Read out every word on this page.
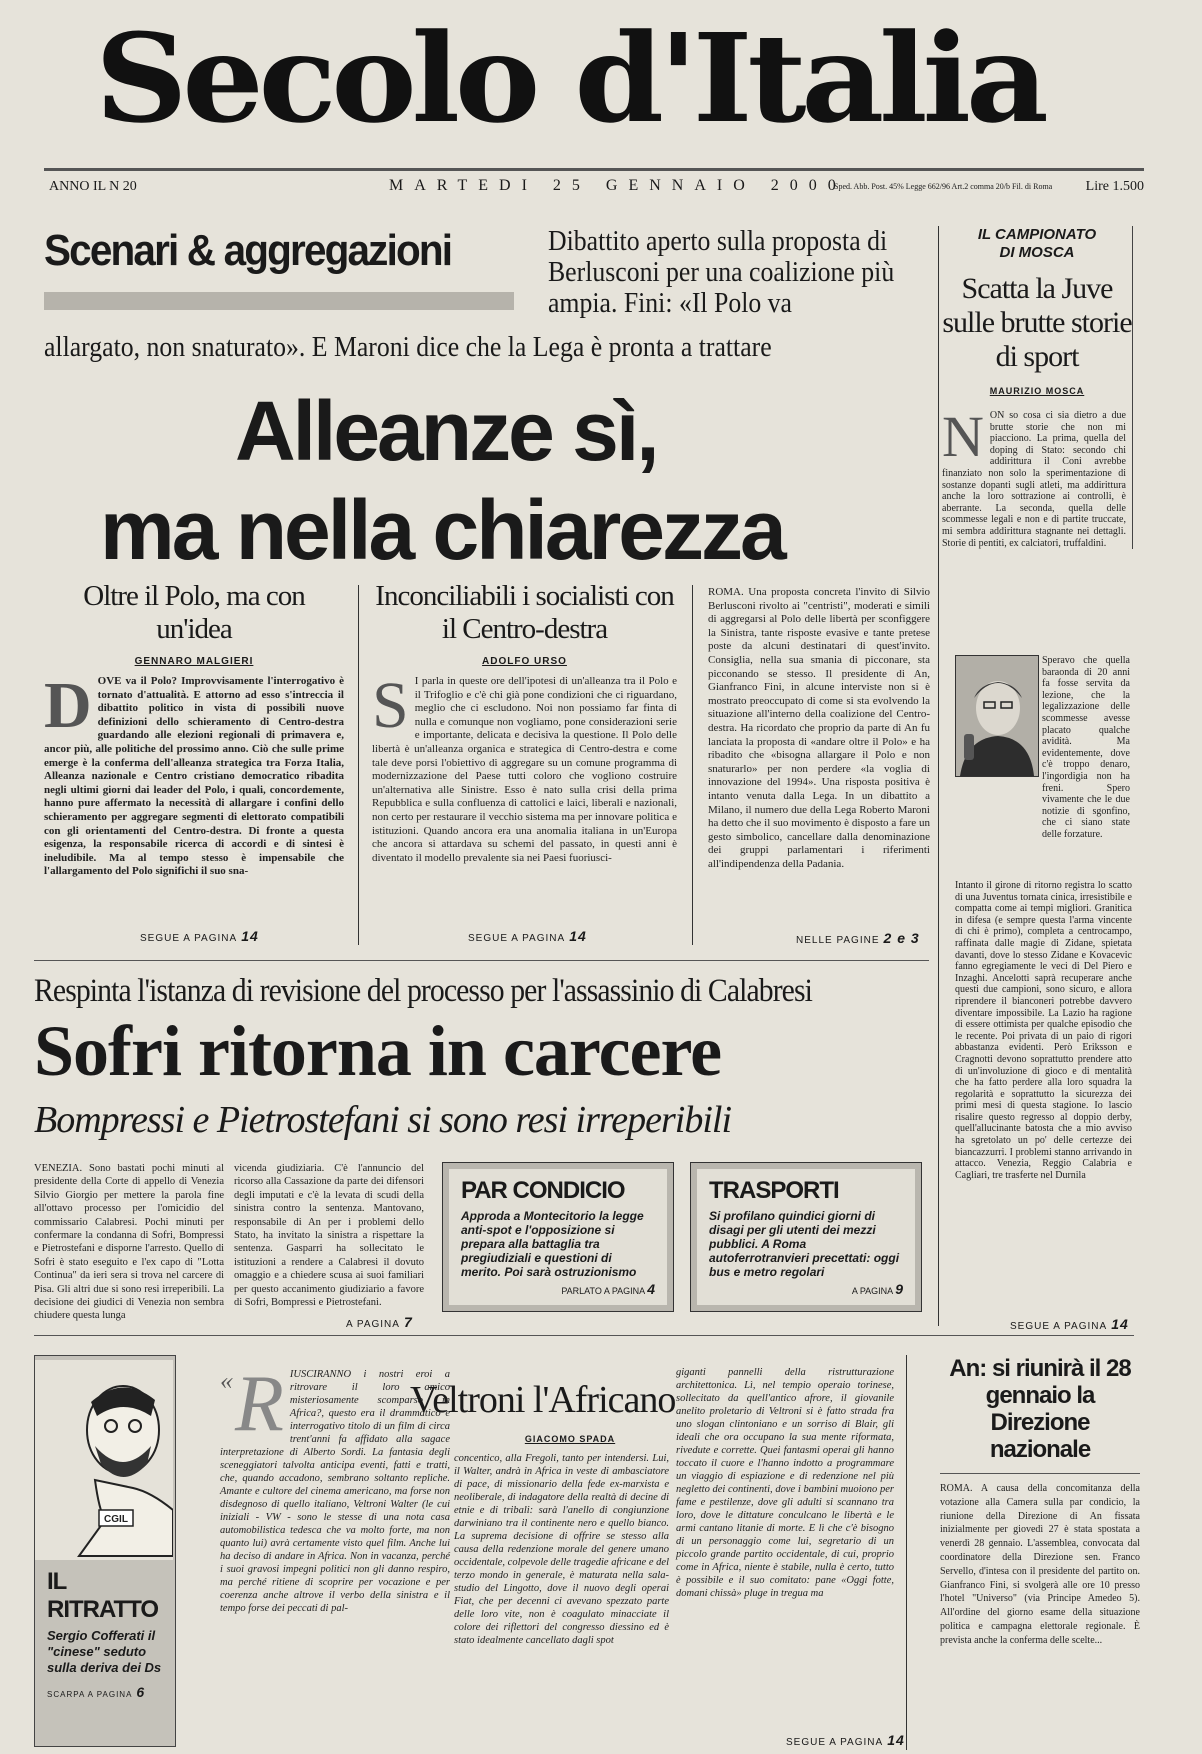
Secolo d'Italia
ANNO IL N 20	MARTEDI 25 GENNAIO 2000
Sped. Abb. Post. 45% Legge 662/96 Art.2 comma 20/b Fil. di Roma Lire 1.500
Scenari & aggregazioni	Dibattito aperto sulla proposta di Berlusconi per una coalizione più ampia. Fini: «Il Polo va
allargato, non snaturato». E Maroni dice che la Lega è pronta a trattare
Alleanze sì,
ma nella chiarezza
Oltre il Polo, ma con un'idea
GENNARO MALGIERI
DOVE va il Polo? Improvvisamente l'interrogativo è tornato d'attualità. E attorno ad esso s'intreccia il dibattito politico in vista di possibili nuove definizioni dello schieramento di Centro-destra guardando alle elezioni regionali di primavera e, ancor più, alle politiche del prossimo anno. Ciò che sulle prime emerge è la conferma dell'alleanza strategica tra Forza Italia, Alleanza nazionale e Centro cristiano democratico ribadita negli ultimi giorni dai leader del Polo, i quali, concordemente, hanno pure affermato la necessità di allargare i confini dello schieramento per aggregare segmenti di elettorato compatibili con gli orientamenti del Centro-destra. Di fronte a questa esigenza, la responsabile ricerca di accordi e di sintesi è ineludibile. Ma al tempo stesso è impensabile che l'allargamento del Polo significhi il suo sna-
SEGUE A PAGINA 14
Inconciliabili i socialisti con il Centro-destra
ADOLFO URSO
S I parla in queste ore dell'ipotesi di un'alleanza tra il Polo e il Trifoglio e c'è chi già pone condizioni che ci riguardano, meglio che ci escludono. Noi non possiamo far finta di nulla e comunque non vogliamo, pone considerazioni serie e importante, delicata e decisiva la questione. Il Polo delle libertà è un'alleanza organica e strategica di Centro-destra e come tale deve porsi l'obiettivo di aggregare su un comune programma di modernizzazione del Paese tutti coloro che vogliono costruire un'alternativa alle Sinistre. Esso è nato sulla crisi della prima Repubblica e sulla confluenza di cattolici e laici, liberali e nazionali, non certo per restaurare il vecchio sistema ma per innovare politica e istituzioni. Quando ancora era una anomalia italiana in un'Europa che ancora si attardava su schemi del passato, in questi anni è diventato il modello prevalente sia nei Paesi fuoriusci-
SEGUE A PAGINA 14
ROMA. Una proposta concreta l'invito di Silvio Berlusconi rivolto ai "centristi", moderati e simili di aggregarsi al Polo delle libertà per sconfiggere la Sinistra, tante risposte evasive e tante pretese poste da alcuni destinatari di quest'invito. Consiglia, nella sua smania di picconare, sta picconando se stesso. Il presidente di An, Gianfranco Fini, in alcune interviste non si è mostrato preoccupato di come si sta evolvendo la situazione all'interno della coalizione del Centro-destra. Ha ricordato che proprio da parte di An fu lanciata la proposta di «andare oltre il Polo» e ha ribadito che «bisogna allargare il Polo e non snaturarlo» per non perdere «la voglia di innovazione del 1994». Una risposta positiva è intanto venuta dalla Lega. In un dibattito a Milano, il numero due della Lega Roberto Maroni ha detto che il suo movimento è disposto a fare un gesto simbolico, cancellare dalla denominazione dei gruppi parlamentari i riferimenti all'indipendenza della Padania.
NELLE PAGINE 2 e 3
IL CAMPIONATO
DI MOSCA
Scatta la Juve sulle brutte storie di sport
MAURIZIO MOSCA
NON so cosa ci sia dietro a due brutte storie che non mi piacciono. La prima, quella del doping di Stato: secondo chi addirittura il Coni avrebbe finanziato non solo la sperimentazione di sostanze dopanti sugli atleti, ma addirittura anche la loro sottrazione ai controlli, è aberrante. La seconda, quella delle scommesse legali e non e di partite truccate, mi sembra addirittura stagnante nei dettagli. Storie di pentiti, ex calciatori, truffaldini.
Speravo che quella baraonda di 20 anni fa fosse servita da lezione, che la legalizzazione delle scommesse avesse placato qualche avidità. Ma evidentemente, dove c'è troppo denaro, l'ingordigia non ha freni. Spero vivamente che le due notizie di sgonfino, che ci siano state delle forzature.
Intanto il girone di ritorno registra lo scatto di una Juventus tornata cinica, irresistibile e compatta come ai tempi migliori. Granitica in difesa (e sempre questa l'arma vincente di chi è primo), completa a centrocampo, raffinata dalle magie di Zidane, spietata davanti, dove lo stesso Zidane e Kovacevic fanno egregiamente le veci di Del Piero e Inzaghi. Ancelotti saprà recuperare anche questi due campioni, sono sicuro, e allora riprendere il bianconeri potrebbe davvero diventare impossibile. La Lazio ha ragione di essere ottimista per qualche episodio che le recente. Poi privata di un paio di rigori abbastanza evidenti. Però Eriksson e Cragnotti devono soprattutto prendere atto di un'involuzione di gioco e di mentalità che ha fatto perdere alla loro squadra la regolarità e soprattutto la sicurezza dei primi mesi di questa stagione. Io lascio risalire questo regresso al doppio derby, quell'allucinante batosta che a mio avviso ha sgretolato un po' delle certezze dei biancazzurri. I problemi stanno arrivando in attacco. Venezia, Reggio Calabria e Cagliari, tre trasferte nel Durnila
SEGUE A PAGINA 14
Respinta l'istanza di revisione del processo per l'assassinio di Calabresi
Sofri ritorna in carcere
Bompressi e Pietrostefani si sono resi irreperibili
VENEZIA. Sono bastati pochi minuti al presidente della Corte di appello di Venezia Silvio Giorgio per mettere la parola fine all'ottavo processo per l'omicidio del commissario Calabresi. Pochi minuti per confermare la condanna di Sofri, Bompressi e Pietrostefani e disporne l'arresto. Quello di Sofri è stato eseguito e l'ex capo di "Lotta Continua" da ieri sera si trova nel carcere di Pisa. Gli altri due si sono resi irreperibili. La decisione dei giudici di Venezia non sembra chiudere questa lunga
vicenda giudiziaria. C'è l'annuncio del ricorso alla Cassazione da parte dei difensori degli imputati e c'è la levata di scudi della sinistra contro la sentenza. Mantovano, responsabile di An per i problemi dello Stato, ha invitato la sinistra a rispettare la sentenza. Gasparri ha sollecitato le istituzioni a rendere a Calabresi il dovuto omaggio e a chiedere scusa ai suoi familiari per questo accanimento giudiziario a favore di Sofri, Bompressi e Pietrostefani.
A PAGINA 7
PAR CONDICIO

Approda a Montecitorio la legge anti-spot e l'opposizione si prepara alla battaglia tra pregiudiziali e questioni di merito. Poi sarà ostruzionismo

PARLATO A PAGINA 4
TRASPORTI

Si profilano quindici giorni di disagi per gli utenti dei mezzi pubblici. A Roma autoferrotranvieri precettati: oggi bus e metro regolari

A PAGINA 9
CGIL
IL RITRATTO
Sergio Cofferati il "cinese" seduto sulla deriva dei Ds
SCARPA A PAGINA 6
« R IUSCIRANNO i nostri eroi a ritrovare il loro amico misteriosamente scomparso in Africa?, questo era il drammatico e interrogativo titolo di un film di circa trent'anni fa affidato alla sagace interpretazione di Alberto Sordi. La fantasia degli sceneggiatori talvolta anticipa eventi, fatti e tratti, che, quando accadono, sembrano soltanto repliche. Amante e cultore del cinema americano, ma forse non disdegnoso di quello italiano, Veltroni Walter (le cui iniziali - VW - sono le stesse di una nota casa automobilistica tedesca che va molto forte, ma non quanto lui) avrà certamente visto quel film. Anche lui ha deciso di andare in Africa. Non in vacanza, perché i suoi gravosi impegni politici non gli danno respiro, ma perché ritiene di scoprire per vocazione e per coerenza anche altrove il verbo della sinistra e il tempo forse dei peccati di pal-
Veltroni l'Africano
GIACOMO SPADA
concentico, alla Fregoli, tanto per intendersi. Lui, il Walter, andrà in Africa in veste di ambasciatore di pace, di missionario della fede ex-marxista e neoliberale, di indagatore della realtà di decine di etnie e di tribali: sarà l'anello di congiunzione darwiniano tra il continente nero e quello bianco. La suprema decisione di offrire se stesso alla causa della redenzione morale del genere umano occidentale, colpevole delle tragedie africane e del terzo mondo in generale, è maturata nella sala-studio del Lingotto, dove il nuovo degli operai Fiat, che per decenni ci avevano spezzato parte delle loro vite, non è coagulato minacciate il colore dei riflettori del congresso diessino ed è stato idealmente cancellato dagli spot
giganti pannelli della ristrutturazione architettonica. Lì, nel tempio operaio torinese, sollecitato da quell'antico afrore, il giovanile anelito proletario di Veltroni si è fatto strada fra uno slogan clintoniano e un sorriso di Blair, gli ideali che ora occupano la sua mente riformata, rivedute e corrette. Quei fantasmi operai gli hanno toccato il cuore e l'hanno indotto a programmare un viaggio di espiazione e di redenzione nel più negletto dei continenti, dove i bambini muoiono per fame e pestilenze, dove gli adulti si scannano tra loro, dove le dittature conculcano le libertà e le armi cantano litanie di morte. E lì che c'è bisogno di un personaggio come lui, segretario di un piccolo grande partito occidentale, di cui, proprio come in Africa, niente è stabile, nulla è certo, tutto è possibile e il suo comitato: pane «Oggi fotte, domani chissà» pluge in tregua ma
SEGUE A PAGINA 14
An: si riunirà il 28 gennaio la Direzione nazionale
ROMA. A causa della concomitanza della votazione alla Camera sulla par condicio, la riunione della Direzione di An fissata inizialmente per giovedì 27 è stata spostata a venerdì 28 gennaio. L'assemblea, convocata dal coordinatore della Direzione sen. Franco Servello, d'intesa con il presidente del partito on. Gianfranco Fini, si svolgerà alle ore 10 presso l'hotel "Universo" (via Principe Amedeo 5). All'ordine del giorno esame della situazione politica e campagna elettorale regionale. È prevista anche la conferma delle scelte...
